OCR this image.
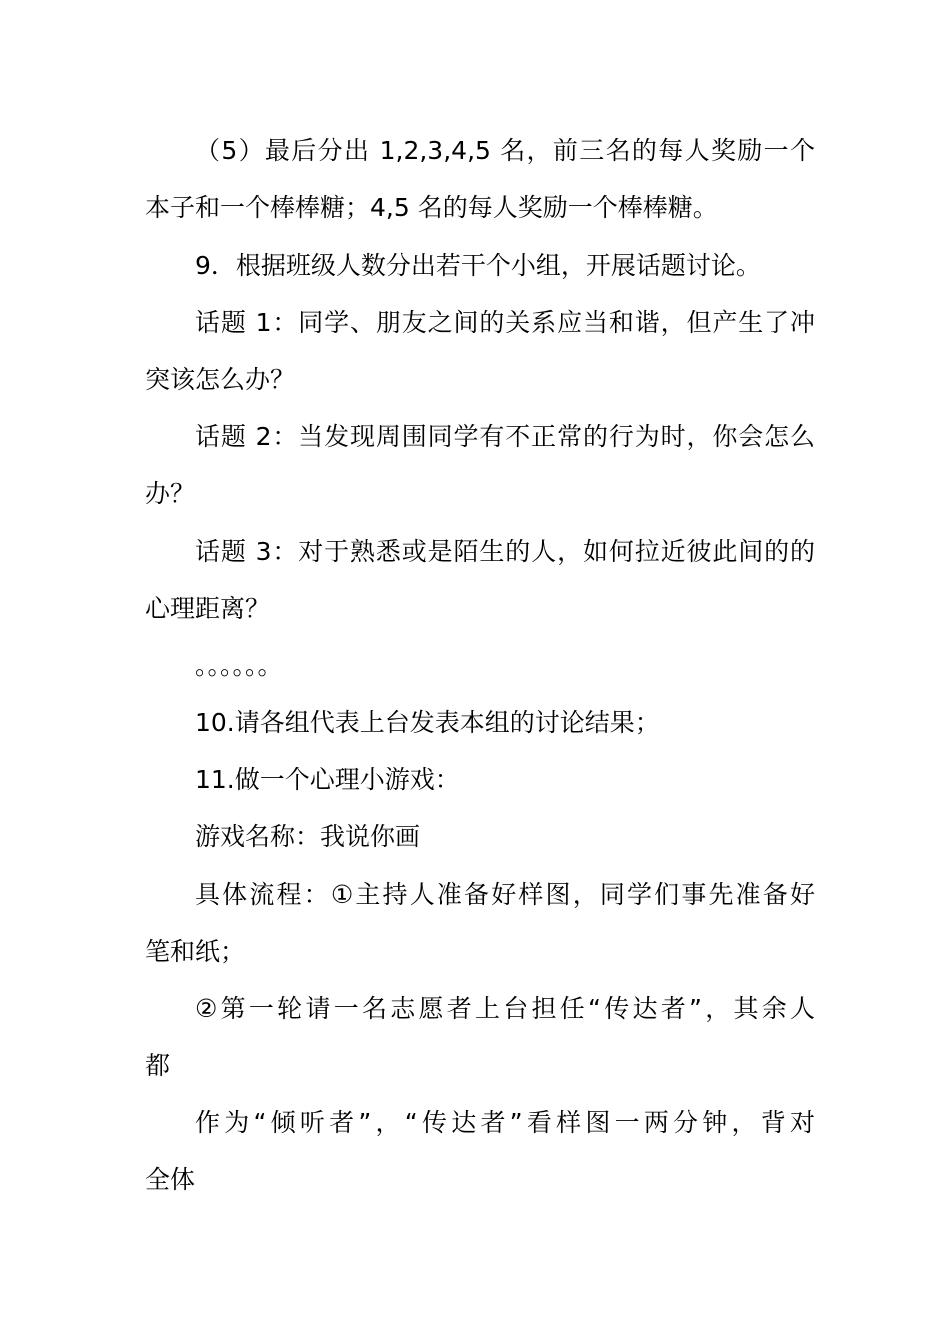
（5）最后分出 1,2,3,4,5 名，前三名的每人奖励一个
本子和一个棒棒糖；4,5 名的每人奖励一个棒棒糖。
9．根据班级人数分出若干个小组，开展话题讨论。
话题 1：同学、朋友之间的关系应当和谐，但产生了冲
突该怎么办？
话题 2：当发现周围同学有不正常的行为时，你会怎么
办？
话题 3：对于熟悉或是陌生的人，如何拉近彼此间的的
心理距离？
。。。。。。
10.请各组代表上台发表本组的讨论结果；
11.做一个心理小游戏：
游戏名称：我说你画
具体流程：①主持人准备好样图，同学们事先准备好
笔和纸；
②第一轮请一名志愿者上台担任“传达者”，其余人
都
作为“倾听者”，“传达者”看样图一两分钟，背对
全体
